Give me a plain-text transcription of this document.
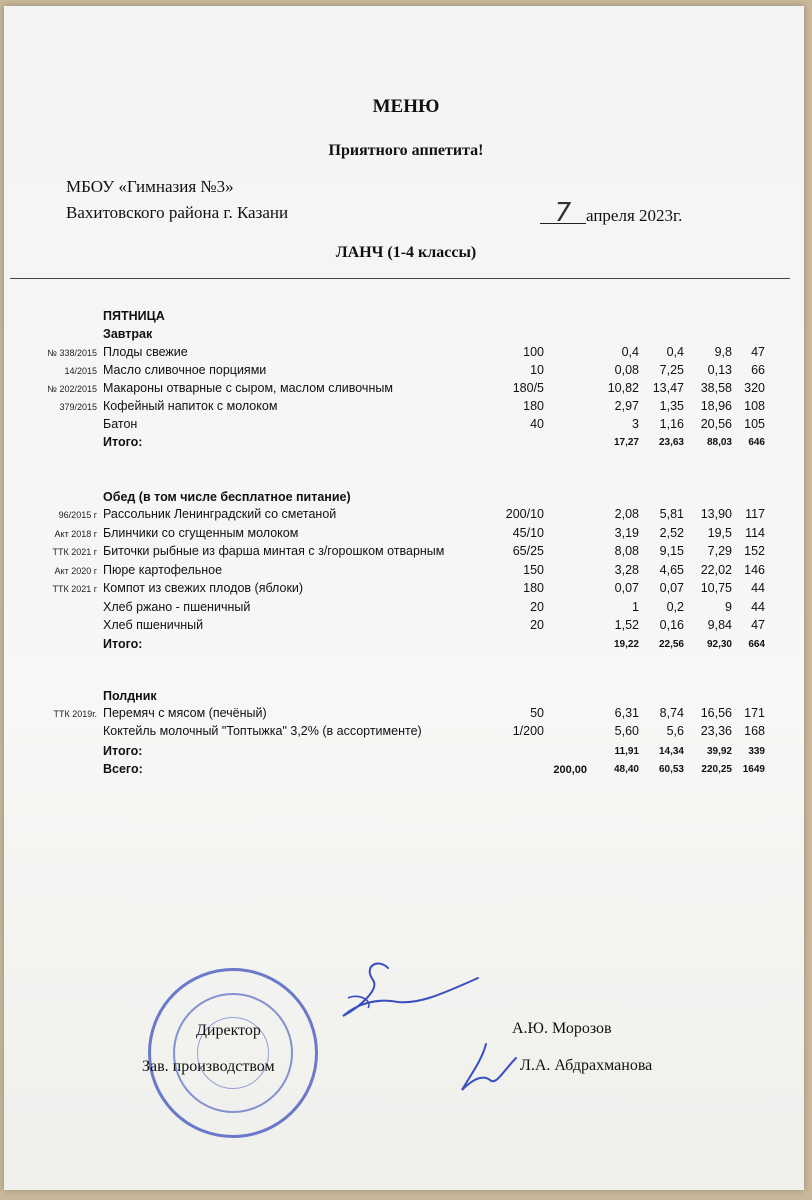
МЕНЮ
Приятного аппетита!
МБОУ «Гимназия №3»
Вахитовского района г. Казани	7 апреля 2023г.
ЛАНЧ (1-4 классы)
ПЯТНИЦА
Завтрак
№ 338/2015 Плоды свежие	100	0,4 0,4 9,8 47
14/2015 Масло сливочное порциями	10	0,08 7,25 0,13 66
№ 202/2015 Макароны отварные с сыром, маслом сливочным	180/5	10,82 13,47 38,58 320
379/2015 Кофейный напиток с молоком	180	2,97 1,35 18,96 108
Батон	40	3 1,16 20,56 105
Итого:	17,27 23,63 88,03 646
Обед (в том числе бесплатное питание)
96/2015 г Рассольник Ленинградский со сметаной	200/10	2,08 5,81 13,90 117
Акт 2018 г Блинчики со сгущенным молоком	45/10	3,19 2,52 19,5 114
ТТК 2021 г Биточки рыбные из фарша минтая с з/горошком отварным	65/25	8,08 9,15 7,29 152
Акт 2020 г Пюре картофельное	150	3,28 4,65 22,02 146
ТТК 2021 г Компот из свежих плодов (яблоки)	180	0,07 0,07 10,75 44
Хлеб ржано - пшеничный	20	1 0,2	9 44
Хлеб пшеничный	20	1,52 0,16 9,84 47
Итого:	19,22 22,56 92,30 664
Полдник
ТТК 2019г. Перемяч с мясом (печёный)	50	6,31 8,74 16,56 171
Коктейль молочный "Топтыжка" 3,2% (в ассортименте)	1/200	5,60 5,6 23,36 168
Итого:	11,91 14,34 39,92 339
Всего:	200,00	48,40 60,53 220,25 1649
Директор
Зав. производством
А.Ю. Морозов
Л.А. Абдрахманова
